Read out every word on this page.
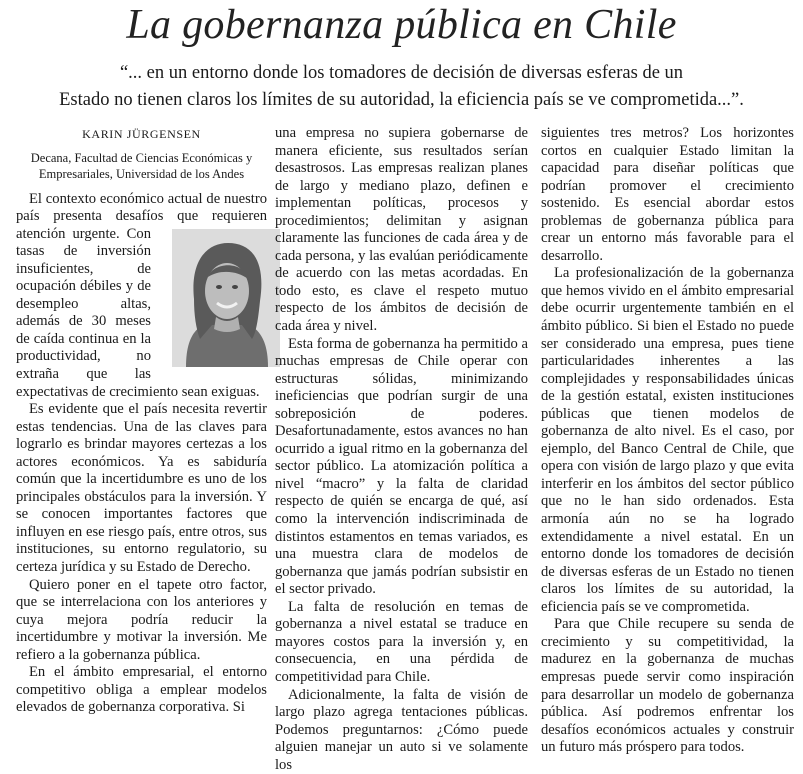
La gobernanza pública en Chile
“... en un entorno donde los tomadores de decisión de diversas esferas de un
Estado no tienen claros los límites de su autoridad, la eficiencia país se ve comprometida...”.

KARIN JÜRGENSEN

Decana, Facultad de Ciencias Económicas y
Empresariales, Universidad de los Andes

El contexto económico actual de nuestro país presenta desafíos que requieren atención urgente.
Con tasas de inversión insuficientes, de ocupación débiles y de desempleo altas, además de 30 meses de caída continua en la productividad, no extraña que las expectativas de crecimiento sean exiguas.

Es evidente que el país necesita revertir estas tendencias. Una de las claves para lograrlo es brindar mayores certezas a los actores económicos. Ya es sabiduría común que la incertidumbre es uno de los principales obstáculos para la inversión. Y se conocen importantes factores que influyen en ese riesgo país, entre otros, sus instituciones, su entorno regulatorio, su certeza jurídica y su Estado de Derecho.

Quiero poner en el tapete otro factor, que se interrelaciona con los anteriores y cuya mejora podría reducir la incertidumbre y motivar la inversión. Me refiero a la gobernanza pública.

En el ámbito empresarial, el entorno competitivo obliga a emplear modelos elevados de gobernanza corporativa. Si

una empresa no supiera gobernarse de manera eficiente, sus resultados serían desastrosos. Las empresas realizan planes de largo y mediano plazo, definen e implementan políticas, procesos y procedimientos; delimitan y asignan claramente las funciones de cada área y de cada persona, y las evalúan periódicamente de acuerdo con las metas acordadas. En todo esto, es clave el respeto mutuo respecto de los ámbitos de decisión de cada área y nivel.

Esta forma de gobernanza ha permitido a muchas empresas de Chile operar con estructuras sólidas, minimizando ineficiencias que podrían surgir de una sobreposición de poderes. Desafortunadamente, estos avances no han ocurrido a igual ritmo en la gobernanza del sector público. La atomización política a nivel “macro” y la falta de claridad respecto de quién se encarga de qué, así como la intervención indiscriminada de distintos estamentos en temas variados, es una muestra clara de modelos de gobernanza que jamás podrían subsistir en el sector privado.

La falta de resolución en temas de gobernanza a nivel estatal se traduce en mayores costos para la inversión y, en consecuencia, en una pérdida de competitividad para Chile.

Adicionalmente, la falta de visión de largo plazo agrega tentaciones públicas. Podemos preguntarnos: ¿Cómo puede alguien manejar un auto si ve solamente los

siguientes tres metros? Los horizontes cortos en cualquier Estado limitan la capacidad para diseñar políticas que podrían promover el crecimiento sostenido. Es esencial abordar estos problemas de gobernanza pública para crear un entorno más favorable para el desarrollo.

La profesionalización de la gobernanza que hemos vivido en el ámbito empresarial debe ocurrir urgentemente también en el ámbito público. Si bien el Estado no puede ser considerado una empresa, pues tiene particularidades inherentes a las complejidades y responsabilidades únicas de la gestión estatal, existen instituciones públicas que tienen modelos de gobernanza de alto nivel. Es el caso, por ejemplo, del Banco Central de Chile, que opera con visión de largo plazo y que evita interferir en los ámbitos del sector público que no le han sido ordenados. Esta armonía aún no se ha logrado extendidamente a nivel estatal. En un entorno donde los tomadores de decisión de diversas esferas de un Estado no tienen claros los límites de su autoridad, la eficiencia país se ve comprometida.

Para que Chile recupere su senda de crecimiento y su competitividad, la madurez en la gobernanza de muchas empresas puede servir como inspiración para desarrollar un modelo de gobernanza pública. Así podremos enfrentar los desafíos económicos actuales y construir un futuro más próspero para todos.
